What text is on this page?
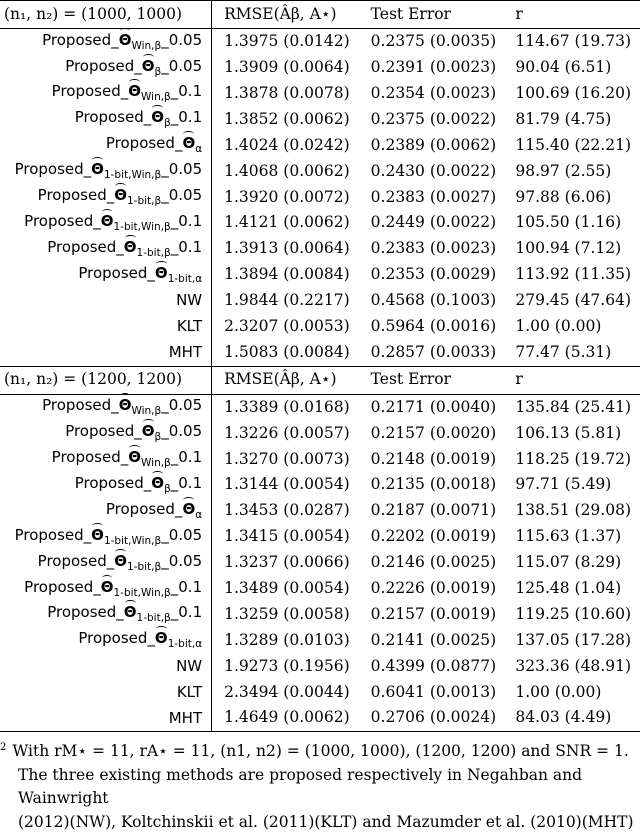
(n₁, n₂) = (1000, 1000)	RMSE(Âβ, A⋆)	Test Error	r
$Proposed\_\Theta_{Win,\beta}\_0.05$	1.3975 (0.0142)	0.2375 (0.0035)	114.67 (19.73)
$Proposed\_\Theta_\beta\_0.05$	1.3909 (0.0064)	0.2391 (0.0023)	90.04 (6.51)
$Proposed\_\Theta_{Win,\beta}\_0.1$	1.3878 (0.0078)	0.2354 (0.0023)	100.69 (16.20)
$Proposed\_\Theta_\beta\_0.1$	1.3852 (0.0062)	0.2375 (0.0022)	81.79 (4.75)
$Proposed\_\Theta_\alpha$	1.4024 (0.0242)	0.2389 (0.0062)	115.40 (22.21)
$Proposed\_\Theta_{1-bit,Win,\beta}\_0.05$	1.4068 (0.0062)	0.2430 (0.0022)	98.97 (2.55)
$Proposed\_\Theta_{1-bit,\beta}\_0.05$	1.3920 (0.0072)	0.2383 (0.0027)	97.88 (6.06)
$Proposed\_\Theta_{1-bit,Win,\beta}\_0.1$	1.4121 (0.0062)	0.2449 (0.0022)	105.50 (1.16)
$Proposed\_\Theta_{1-bit,\beta}\_0.1$	1.3913 (0.0064)	0.2383 (0.0023)	100.94 (7.12)
$Proposed\_\Theta_{1-bit,\alpha}$	1.3894 (0.0084)	0.2353 (0.0029)	113.92 (11.35)
NW	1.9844 (0.2217)	0.4568 (0.1003)	279.45 (47.64)
KLT	2.3207 (0.0053)	0.5964 (0.0016)	1.00 (0.00)
MHT	1.5083 (0.0084)	0.2857 (0.0033)	77.47 (5.31)
(n₁, n₂) = (1200, 1200)	RMSE(Âβ, A⋆)	Test Error	r
$Proposed\_\Theta_{Win,\beta}\_0.05$	1.3389 (0.0168)	0.2171 (0.0040)	135.84 (25.41)
$Proposed\_\Theta_\beta\_0.05$	1.3226 (0.0057)	0.2157 (0.0020)	106.13 (5.81)
$Proposed\_\Theta_{Win,\beta}\_0.1$	1.3270 (0.0073)	0.2148 (0.0019)	118.25 (19.72)
$Proposed\_\Theta_\beta\_0.1$	1.3144 (0.0054)	0.2135 (0.0018)	97.71 (5.49)
$Proposed\_\Theta_\alpha$	1.3453 (0.0287)	0.2187 (0.0071)	138.51 (29.08)
$Proposed\_\Theta_{1-bit,Win,\beta}\_0.05$	1.3415 (0.0054)	0.2202 (0.0019)	115.63 (1.37)
$Proposed\_\Theta_{1-bit,\beta}\_0.05$	1.3237 (0.0066)	0.2146 (0.0025)	115.07 (8.29)
$Proposed\_\Theta_{1-bit,Win,\beta}\_0.1$	1.3489 (0.0054)	0.2226 (0.0019)	125.48 (1.04)
$Proposed\_\Theta_{1-bit,\beta}\_0.1$	1.3259 (0.0058)	0.2157 (0.0019)	119.25 (10.60)
$Proposed\_\Theta_{1-bit,\alpha}$	1.3289 (0.0103)	0.2141 (0.0025)	137.05 (17.28)
NW	1.9273 (0.1956)	0.4399 (0.0877)	323.36 (48.91)
KLT	2.3494 (0.0044)	0.6041 (0.0013)	1.00 (0.00)
MHT	1.4649 (0.0062)	0.2706 (0.0024)	84.03 (4.49)

$^2$ With rM⋆ = 11, rA⋆ = 11, (n1, n2) = (1000, 1000), (1200, 1200) and SNR = 1.

The three existing methods are proposed respectively in Negahban and Wainwright

(2012)(NW), Koltchinskii et al. (2011)(KLT) and Mazumder et al. (2010)(MHT)
